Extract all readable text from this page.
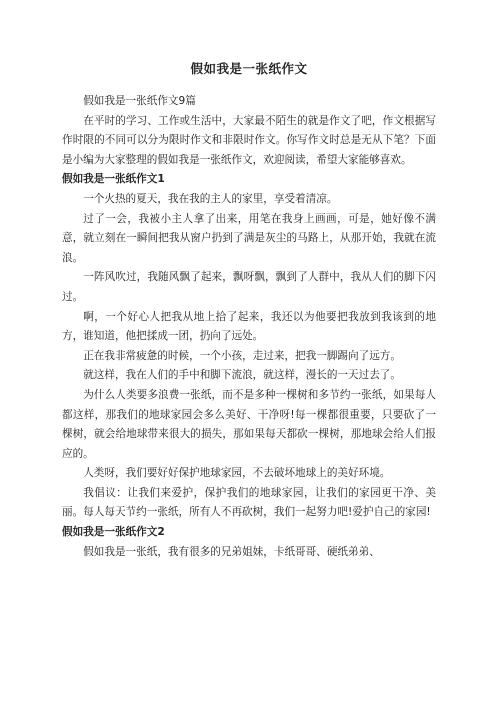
假如我是一张纸作文

假如我是一张纸作文9篇

在平时的学习、工作或生活中，大家最不陌生的就是作文了吧，作文根据写作时限的不同可以分为限时作文和非限时作文。你写作文时总是无从下笔？下面是小编为大家整理的假如我是一张纸作文，欢迎阅读，希望大家能够喜欢。

假如我是一张纸作文1

一个火热的夏天，我在我的主人的家里，享受着清凉。

过了一会，我被小主人拿了出来，用笔在我身上画画，可是，她好像不满意，就立刻在一瞬间把我从窗户扔到了满是灰尘的马路上，从那开始，我就在流浪。

一阵风吹过，我随风飘了起来，飘呀飘，飘到了人群中，我从人们的脚下闪过。

啊，一个好心人把我从地上拾了起来，我还以为他要把我放到我该到的地方，谁知道，他把揉成一团，扔向了远处。

正在我非常疲惫的时候，一个小孩，走过来，把我一脚踢向了远方。

就这样，我在人们的手中和脚下流浪，就这样，漫长的一天过去了。

为什么人类要多浪费一张纸，而不是多种一棵树和多节约一张纸，如果每人都这样，那我们的地球家园会多么美好、干净呀!每一棵都很重要，只要砍了一棵树，就会给地球带来很大的损失，那如果每天都砍一棵树，那地球会给人们报应的。

人类呀，我们要好好保护地球家园，不去破坏地球上的美好环境。

我倡议：让我们来爱护，保护我们的地球家园，让我们的家园更干净、美丽。每人每天节约一张纸，所有人不再砍树，我们一起努力吧!爱护自己的家园!

假如我是一张纸作文2

假如我是一张纸，我有很多的兄弟姐妹，卡纸哥哥、硬纸弟弟、
